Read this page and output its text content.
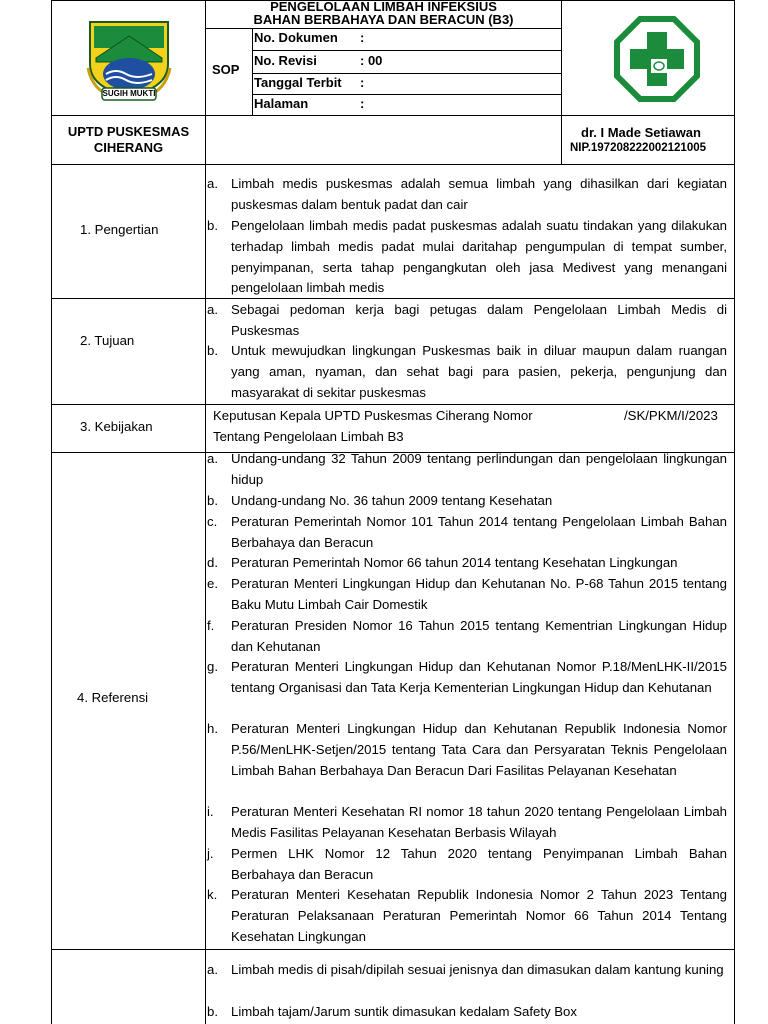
SUGIH MUKTI
PENGELOLAAN LIMBAH INFEKSIUS
BAHAN BERBAHAYA DAN BERACUN (B3)
SOP
No. Dokumen :
No. Revisi	: 00
Tanggal Terbit :
Halaman	:
UPTD PUSKESMAS
CIHERANG
dr. I Made Setiawan
NIP.197208222002121005
1. Pengertian
a. Limbah medis puskesmas adalah semua limbah yang dihasilkan dari kegiatan puskesmas dalam bentuk padat dan cair
b. Pengelolaan limbah medis padat puskesmas adalah suatu tindakan yang dilakukan terhadap limbah medis padat mulai daritahap pengumpulan di tempat sumber, penyimpanan, serta tahap pengangkutan oleh jasa Medivest yang menangani pengelolaan limbah medis
2. Tujuan
a. Sebagai pedoman kerja bagi petugas dalam Pengelolaan Limbah Medis di Puskesmas
b. Untuk mewujudkan lingkungan Puskesmas baik in diluar maupun dalam ruangan yang aman, nyaman, dan sehat bagi para pasien, pekerja, pengunjung dan masyarakat di sekitar puskesmas
3. Kebijakan
Keputusan Kepala UPTD Puskesmas Ciherang Nomor	/SK/PKM/I/2023
Tentang Pengelolaan Limbah B3
4. Referensi
a. Undang-undang 32 Tahun 2009 tentang perlindungan dan pengelolaan lingkungan hidup
b. Undang-undang No. 36 tahun 2009 tentang Kesehatan
c. Peraturan Pemerintah Nomor 101 Tahun 2014 tentang Pengelolaan Limbah Bahan Berbahaya dan Beracun
d. Peraturan Pemerintah Nomor 66 tahun 2014 tentang Kesehatan Lingkungan
e. Peraturan Menteri Lingkungan Hidup dan Kehutanan No. P-68 Tahun 2015 tentang Baku Mutu Limbah Cair Domestik
f. Peraturan Presiden Nomor 16 Tahun 2015 tentang Kementrian Lingkungan Hidup dan Kehutanan
g. Peraturan Menteri Lingkungan Hidup dan Kehutanan Nomor P.18/MenLHK-II/2015 tentang Organisasi dan Tata Kerja Kementerian Lingkungan Hidup dan Kehutanan
h. Peraturan Menteri Lingkungan Hidup dan Kehutanan Republik Indonesia Nomor P.56/MenLHK-Setjen/2015 tentang Tata Cara dan Persyaratan Teknis Pengelolaan Limbah Bahan Berbahaya Dan Beracun Dari Fasilitas Pelayanan Kesehatan
i. Peraturan Menteri Kesehatan RI nomor 18 tahun 2020 tentang Pengelolaan Limbah Medis Fasilitas Pelayanan Kesehatan Berbasis Wilayah
j. Permen LHK Nomor 12 Tahun 2020 tentang Penyimpanan Limbah Bahan Berbahaya dan Beracun
k. Peraturan Menteri Kesehatan Republik Indonesia Nomor 2 Tahun 2023 Tentang Peraturan Pelaksanaan Peraturan Pemerintah Nomor 66 Tahun 2014 Tentang Kesehatan Lingkungan
a. Limbah medis di pisah/dipilah sesuai jenisnya dan dimasukan dalam kantung kuning
b. Limbah tajam/Jarum suntik dimasukan kedalam Safety Box
